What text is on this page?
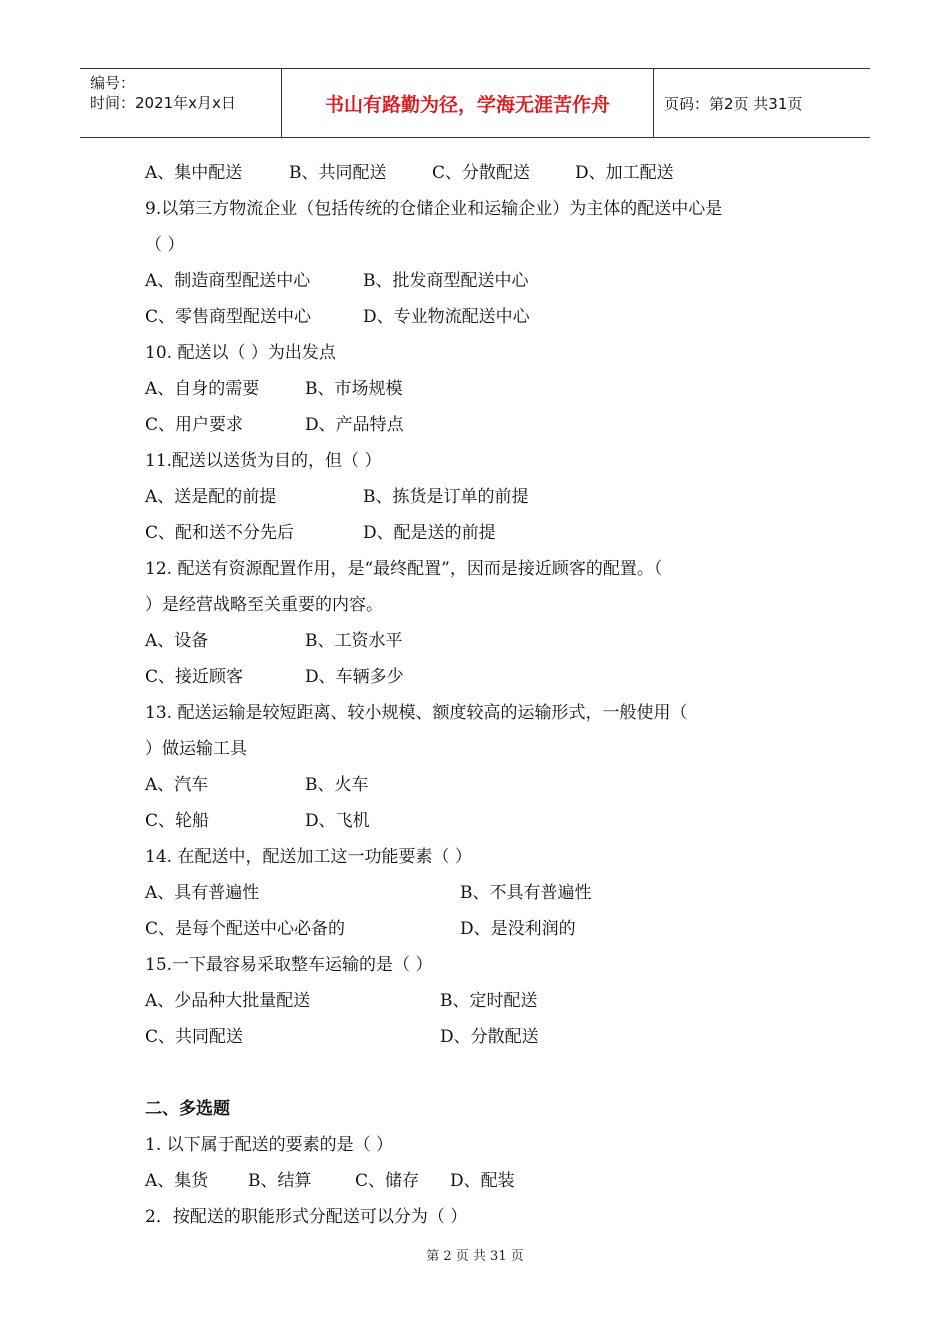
编号：
时间：2021年x月x日	书山有路勤为径，学海无涯苦作舟	页码：第2页 共31页
A、集中配送	B、共同配送	C、分散配送	D、加工配送
9.以第三方物流企业（包括传统的仓储企业和运输企业）为主体的配送中心是
（ ）
A、制造商型配送中心	B、批发商型配送中心
C、零售商型配送中心	D、专业物流配送中心
10. 配送以（ ）为出发点
A、自身的需要	B、市场规模
C、用户要求	D、产品特点
11.配送以送货为目的，但（ ）
A、送是配的前提	B、拣货是订单的前提
C、配和送不分先后	D、配是送的前提
12. 配送有资源配置作用，是“最终配置”，因而是接近顾客的配置。（
）是经营战略至关重要的内容。
A、设备	B、工资水平
C、接近顾客	D、车辆多少
13. 配送运输是较短距离、较小规模、额度较高的运输形式，一般使用（
）做运输工具
A、汽车	B、火车
C、轮船	D、飞机
14. 在配送中，配送加工这一功能要素（ ）
A、具有普遍性	B、不具有普遍性
C、是每个配送中心必备的	D、是没利润的
15.一下最容易采取整车运输的是（ ）
A、少品种大批量配送	B、定时配送
C、共同配送	D、分散配送
二、多选题
1. 以下属于配送的要素的是（ ）
A、集货 B、结算	C、储存 D、配装
2．按配送的职能形式分配送可以分为（ ）
第 2 页 共 31 页
